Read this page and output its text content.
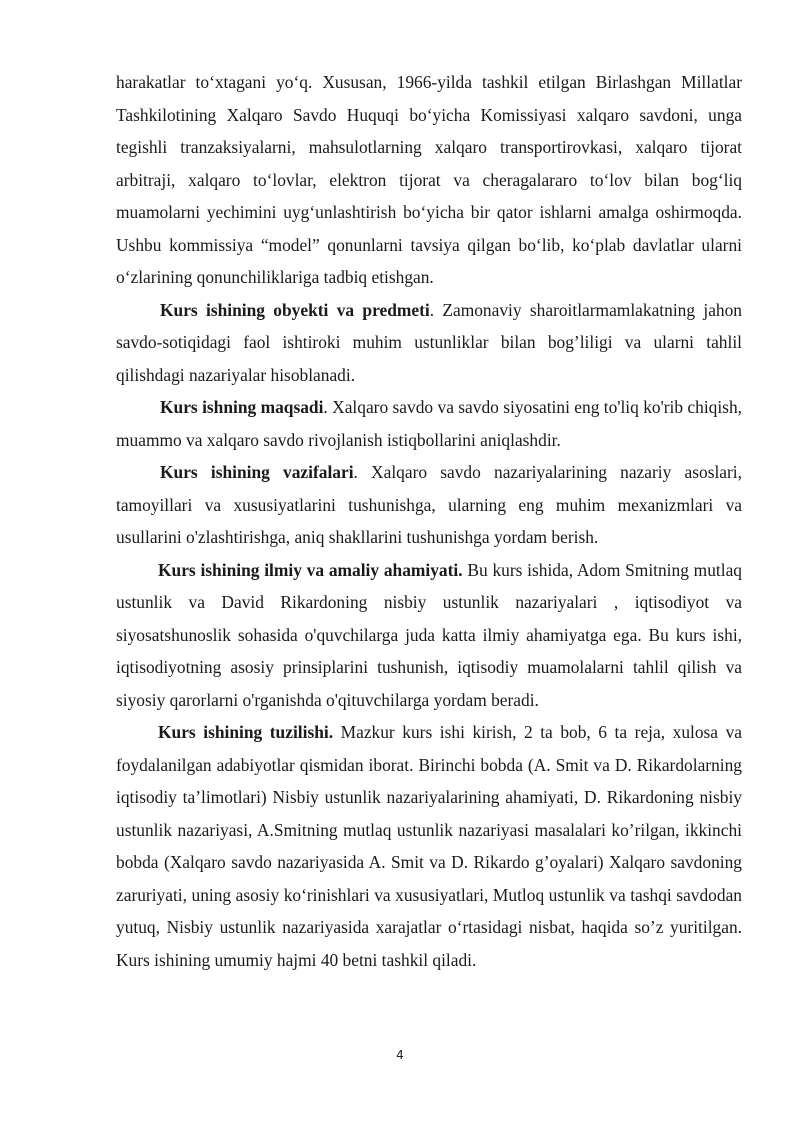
harakatlar to‘xtagani yo‘q. Xususan, 1966-yilda tashkil etilgan Birlashgan Millatlar Tashkilotining Xalqaro Savdo Huquqi bo‘yicha Komissiyasi xalqaro savdoni, unga tegishli tranzaksiyalarni, mahsulotlarning xalqaro transportirovkasi, xalqaro tijorat arbitraji, xalqaro to‘lovlar, elektron tijorat va cheragalararo to‘lov bilan bog‘liq muamolarni yechimini uyg‘unlashtirish bo‘yicha bir qator ishlarni amalga oshirmoqda. Ushbu kommissiya “model” qonunlarni tavsiya qilgan bo‘lib, ko‘plab davlatlar ularni o‘zlarining qonunchiliklariga tadbiq etishgan.

Kurs ishining obyekti va predmeti. Zamonaviy sharoitlarmamlakatning jahon savdo-sotiqidagi faol ishtiroki muhim ustunliklar bilan bog’liligi va ularni tahlil qilishdagi nazariyalar hisoblanadi.

Kurs ishning maqsadi. Xalqaro savdo va savdo siyosatini eng to'liq ko'rib chiqish, muammo va xalqaro savdo rivojlanish istiqbollarini aniqlashdir.

Kurs ishining vazifalari. Xalqaro savdo nazariyalarining nazariy asoslari, tamoyillari va xususiyatlarini tushunishga, ularning eng muhim mexanizmlari va usullarini o'zlashtirishga, aniq shakllarini tushunishga yordam berish.

Kurs ishining ilmiy va amaliy ahamiyati. Bu kurs ishida, Adom Smitning mutlaq ustunlik va David Rikardoning nisbiy ustunlik nazariyalari , iqtisodiyot va siyosatshunoslik sohasida o'quvchilarga juda katta ilmiy ahamiyatga ega. Bu kurs ishi, iqtisodiyotning asosiy prinsiplarini tushunish, iqtisodiy muamolalarni tahlil qilish va siyosiy qarorlarni o'rganishda o'qituvchilarga yordam beradi.

Kurs ishining tuzilishi. Mazkur kurs ishi kirish, 2 ta bob, 6 ta reja, xulosa va foydalanilgan adabiyotlar qismidan iborat. Birinchi bobda (A. Smit va D. Rikardolarning iqtisodiy ta’limotlari) Nisbiy ustunlik nazariyalarining ahamiyati, D. Rikardoning nisbiy ustunlik nazariyasi, A.Smitning mutlaq ustunlik nazariyasi masalalari ko’rilgan, ikkinchi bobda (Xalqaro savdo nazariyasida A. Smit va D. Rikardo g’oyalari) Xalqaro savdoning zaruriyati, uning asosiy ko‘rinishlari va xususiyatlari, Mutloq ustunlik va tashqi savdodan yutuq, Nisbiy ustunlik nazariyasida xarajatlar o‘rtasidagi nisbat, haqida so’z yuritilgan. Kurs ishining umumiy hajmi 40 betni tashkil qiladi.

4
